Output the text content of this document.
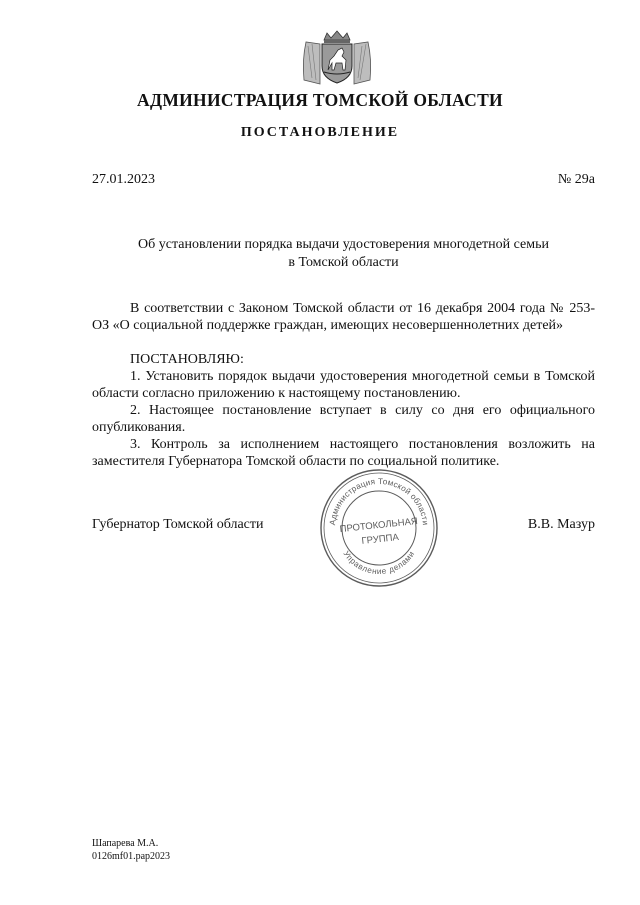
АДМИНИСТРАЦИЯ ТОМСКОЙ ОБЛАСТИ
ПОСТАНОВЛЕНИЕ
27.01.2023	№ 29а
Об установлении порядка выдачи удостоверения многодетной семьи
в Томской области
В соответствии с Законом Томской области от 16 декабря 2004 года № 253-ОЗ «О социальной поддержке граждан, имеющих несовершеннолетних детей»
ПОСТАНОВЛЯЮ:
1. Установить порядок выдачи удостоверения многодетной семьи в Томской области согласно приложению к настоящему постановлению.
2. Настоящее постановление вступает в силу со дня его официального опубликования.
3. Контроль за исполнением настоящего постановления возложить на заместителя Губернатора Томской области по социальной политике.
Губернатор Томской области	В.В. Мазур
Администрация Томской области
Управление делами
ПРОТОКОЛЬНАЯ
ГРУППА
Шапарева М.А.
0126mf01.pap2023
